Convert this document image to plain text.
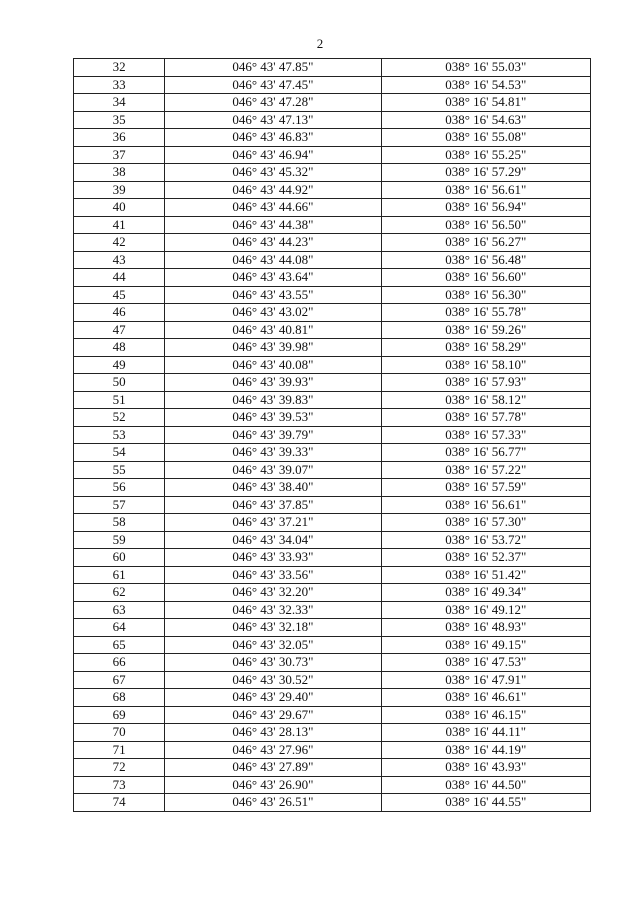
2
32	046° 43' 47.85"	038° 16' 55.03"
33	046° 43' 47.45"	038° 16' 54.53"
34	046° 43' 47.28"	038° 16' 54.81"
35	046° 43' 47.13"	038° 16' 54.63"
36	046° 43' 46.83"	038° 16' 55.08"
37	046° 43' 46.94"	038° 16' 55.25"
38	046° 43' 45.32"	038° 16' 57.29"
39	046° 43' 44.92"	038° 16' 56.61"
40	046° 43' 44.66"	038° 16' 56.94"
41	046° 43' 44.38"	038° 16' 56.50"
42	046° 43' 44.23"	038° 16' 56.27"
43	046° 43' 44.08"	038° 16' 56.48"
44	046° 43' 43.64"	038° 16' 56.60"
45	046° 43' 43.55"	038° 16' 56.30"
46	046° 43' 43.02"	038° 16' 55.78"
47	046° 43' 40.81"	038° 16' 59.26"
48	046° 43' 39.98"	038° 16' 58.29"
49	046° 43' 40.08"	038° 16' 58.10"
50	046° 43' 39.93"	038° 16' 57.93"
51	046° 43' 39.83"	038° 16' 58.12"
52	046° 43' 39.53"	038° 16' 57.78"
53	046° 43' 39.79"	038° 16' 57.33"
54	046° 43' 39.33"	038° 16' 56.77"
55	046° 43' 39.07"	038° 16' 57.22"
56	046° 43' 38.40"	038° 16' 57.59"
57	046° 43' 37.85"	038° 16' 56.61"
58	046° 43' 37.21"	038° 16' 57.30"
59	046° 43' 34.04"	038° 16' 53.72"
60	046° 43' 33.93"	038° 16' 52.37"
61	046° 43' 33.56"	038° 16' 51.42"
62	046° 43' 32.20"	038° 16' 49.34"
63	046° 43' 32.33"	038° 16' 49.12"
64	046° 43' 32.18"	038° 16' 48.93"
65	046° 43' 32.05"	038° 16' 49.15"
66	046° 43' 30.73"	038° 16' 47.53"
67	046° 43' 30.52"	038° 16' 47.91"
68	046° 43' 29.40"	038° 16' 46.61"
69	046° 43' 29.67"	038° 16' 46.15"
70	046° 43' 28.13"	038° 16' 44.11"
71	046° 43' 27.96"	038° 16' 44.19"
72	046° 43' 27.89"	038° 16' 43.93"
73	046° 43' 26.90"	038° 16' 44.50"
74	046° 43' 26.51"	038° 16' 44.55"
